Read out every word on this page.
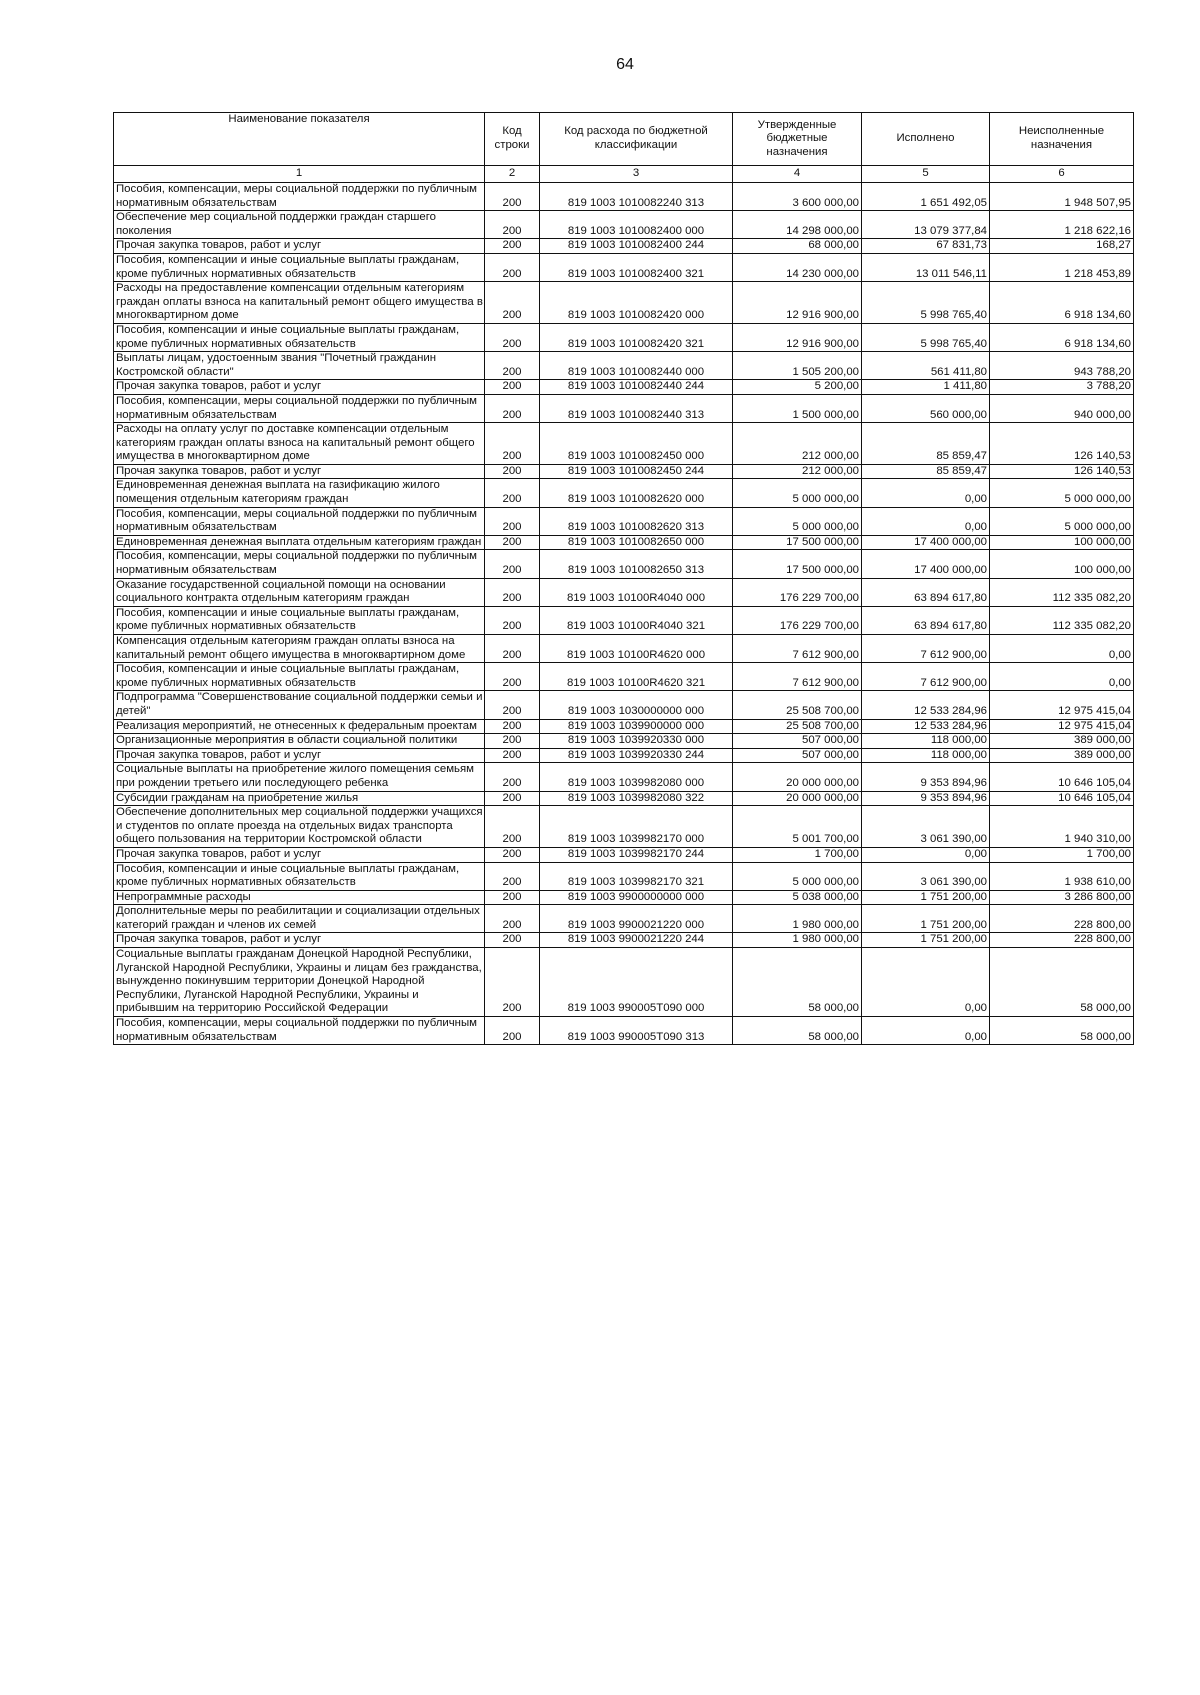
64
Наименование показателя	Код строки	Код расхода по бюджетной классификации	Утвержденные бюджетные назначения	Исполнено	Неисполненные назначения
1	2	3	4	5	6
Пособия, компенсации, меры социальной поддержки по публичным нормативным обязательствам	200	819 1003 1010082240 313	3 600 000,00	1 651 492,05	1 948 507,95
Обеспечение мер социальной поддержки граждан старшего поколения	200	819 1003 1010082400 000	14 298 000,00	13 079 377,84	1 218 622,16
Прочая закупка товаров, работ и услуг	200	819 1003 1010082400 244	68 000,00	67 831,73	168,27
Пособия, компенсации и иные социальные выплаты гражданам, кроме публичных нормативных обязательств	200	819 1003 1010082400 321	14 230 000,00	13 011 546,11	1 218 453,89
Расходы на предоставление компенсации отдельным категориям граждан оплаты взноса на капитальный ремонт общего имущества в многоквартирном доме	200	819 1003 1010082420 000	12 916 900,00	5 998 765,40	6 918 134,60
Пособия, компенсации и иные социальные выплаты гражданам, кроме публичных нормативных обязательств	200	819 1003 1010082420 321	12 916 900,00	5 998 765,40	6 918 134,60
Выплаты лицам, удостоенным звания "Почетный гражданин Костромской области"	200	819 1003 1010082440 000	1 505 200,00	561 411,80	943 788,20
Прочая закупка товаров, работ и услуг	200	819 1003 1010082440 244	5 200,00	1 411,80	3 788,20
Пособия, компенсации, меры социальной поддержки по публичным нормативным обязательствам	200	819 1003 1010082440 313	1 500 000,00	560 000,00	940 000,00
Расходы на оплату услуг по доставке компенсации отдельным категориям граждан оплаты взноса на капитальный ремонт общего имущества в многоквартирном доме	200	819 1003 1010082450 000	212 000,00	85 859,47	126 140,53
Прочая закупка товаров, работ и услуг	200	819 1003 1010082450 244	212 000,00	85 859,47	126 140,53
Единовременная денежная выплата на газификацию жилого помещения отдельным категориям граждан	200	819 1003 1010082620 000	5 000 000,00	0,00	5 000 000,00
Пособия, компенсации, меры социальной поддержки по публичным нормативным обязательствам	200	819 1003 1010082620 313	5 000 000,00	0,00	5 000 000,00
Единовременная денежная выплата отдельным категориям граждан	200	819 1003 1010082650 000	17 500 000,00	17 400 000,00	100 000,00
Пособия, компенсации, меры социальной поддержки по публичным нормативным обязательствам	200	819 1003 1010082650 313	17 500 000,00	17 400 000,00	100 000,00
Оказание государственной социальной помощи на основании социального контракта отдельным категориям граждан	200	819 1003 10100R4040 000	176 229 700,00	63 894 617,80	112 335 082,20
Пособия, компенсации и иные социальные выплаты гражданам, кроме публичных нормативных обязательств	200	819 1003 10100R4040 321	176 229 700,00	63 894 617,80	112 335 082,20
Компенсация отдельным категориям граждан оплаты взноса на капитальный ремонт общего имущества в многоквартирном доме	200	819 1003 10100R4620 000	7 612 900,00	7 612 900,00	0,00
Пособия, компенсации и иные социальные выплаты гражданам, кроме публичных нормативных обязательств	200	819 1003 10100R4620 321	7 612 900,00	7 612 900,00	0,00
Подпрограмма "Совершенствование социальной поддержки семьи и детей"	200	819 1003 1030000000 000	25 508 700,00	12 533 284,96	12 975 415,04
Реализация мероприятий, не отнесенных к федеральным проектам	200	819 1003 1039900000 000	25 508 700,00	12 533 284,96	12 975 415,04
Организационные мероприятия в области социальной политики	200	819 1003 1039920330 000	507 000,00	118 000,00	389 000,00
Прочая закупка товаров, работ и услуг	200	819 1003 1039920330 244	507 000,00	118 000,00	389 000,00
Социальные выплаты на приобретение жилого помещения семьям при рождении третьего или последующего ребенка	200	819 1003 1039982080 000	20 000 000,00	9 353 894,96	10 646 105,04
Субсидии гражданам на приобретение жилья	200	819 1003 1039982080 322	20 000 000,00	9 353 894,96	10 646 105,04
Обеспечение дополнительных мер социальной поддержки учащихся и студентов по оплате проезда на отдельных видах транспорта общего пользования на территории Костромской области	200	819 1003 1039982170 000	5 001 700,00	3 061 390,00	1 940 310,00
Прочая закупка товаров, работ и услуг	200	819 1003 1039982170 244	1 700,00	0,00	1 700,00
Пособия, компенсации и иные социальные выплаты гражданам, кроме публичных нормативных обязательств	200	819 1003 1039982170 321	5 000 000,00	3 061 390,00	1 938 610,00
Непрограммные расходы	200	819 1003 9900000000 000	5 038 000,00	1 751 200,00	3 286 800,00
Дополнительные меры по реабилитации и социализации отдельных категорий граждан и членов их семей	200	819 1003 9900021220 000	1 980 000,00	1 751 200,00	228 800,00
Прочая закупка товаров, работ и услуг	200	819 1003 9900021220 244	1 980 000,00	1 751 200,00	228 800,00
Социальные выплаты гражданам Донецкой Народной Республики, Луганской Народной Республики, Украины и лицам без гражданства, вынужденно покинувшим территории Донецкой Народной Республики, Луганской Народной Республики, Украины и прибывшим на территорию Российской Федерации	200	819 1003 990005Т090 000	58 000,00	0,00	58 000,00
Пособия, компенсации, меры социальной поддержки по публичным нормативным обязательствам	200	819 1003 990005Т090 313	58 000,00	0,00	58 000,00
